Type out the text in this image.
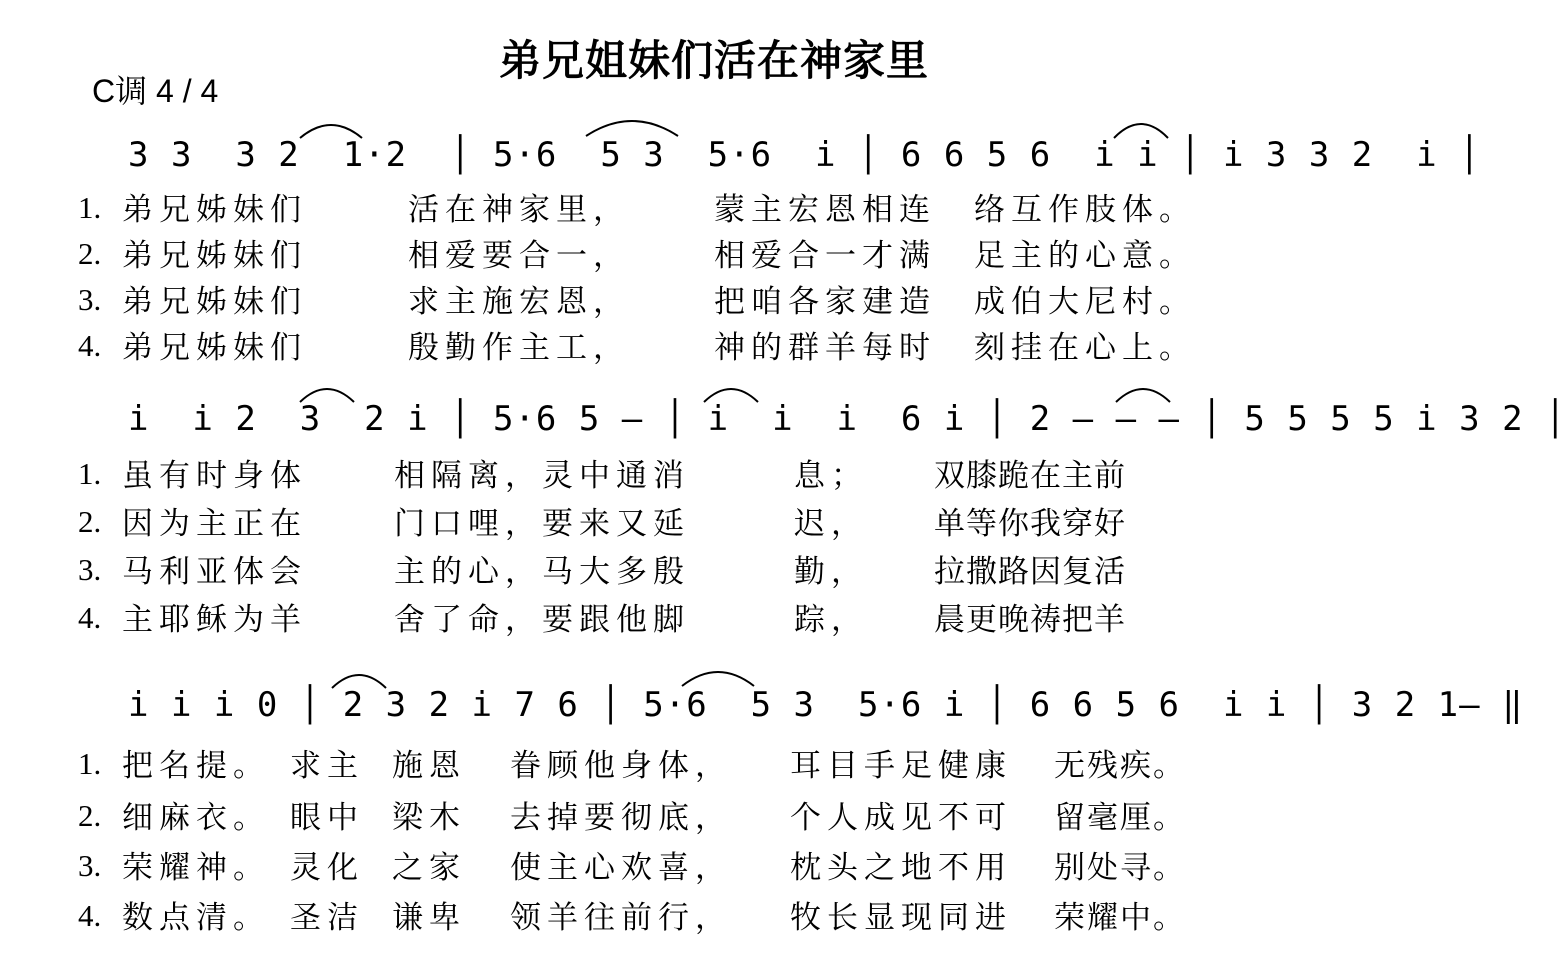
弟兄姐妹们活在神家里
C调 4 / 4
3 3  3 2  1·2  │ 5·6  5 3  5·6  i │ 6 6 5 6  i i │ i 3 3 2  i │
1. 弟兄姊妹们	活在神家里，	蒙主宏恩相连 络互作肢体。
2. 弟兄姊妹们	相爱要合一，	相爱合一才满 足主的心意。
3. 弟兄姊妹们	求主施宏恩，	把咱各家建造 成伯大尼村。
4. 弟兄姊妹们	殷勤作主工，	神的群羊每时 刻挂在心上。
i  i 2  3  2 i │ 5·6 5 – │ i  i  i  6 i │ 2 – – – │ 5 5 5 5 i 3 2 │
1. 虽有时身体	相隔离，灵中通消	息； 双膝跪在主前
2. 因为主正在	门口哩，要来又延	迟， 单等你我穿好
3. 马利亚体会	主的心，马大多殷	勤， 拉撒路因复活
4. 主耶稣为羊	舍了命，要跟他脚	踪， 晨更晚祷把羊
i i i 0 │ 2 3 2 i 7 6 │ 5·6  5 3  5·6 i │ 6 6 5 6  i i │ 3 2 1– ‖
1. 把名提。 求主 施恩 眷顾他身体， 耳目手足健康 无残疾。
2. 细麻衣。 眼中 梁木 去掉要彻底， 个人成见不可 留毫厘。
3. 荣耀神。 灵化 之家 使主心欢喜， 枕头之地不用 别处寻。
4. 数点清。 圣洁 谦卑 领羊往前行， 牧长显现同进 荣耀中。
